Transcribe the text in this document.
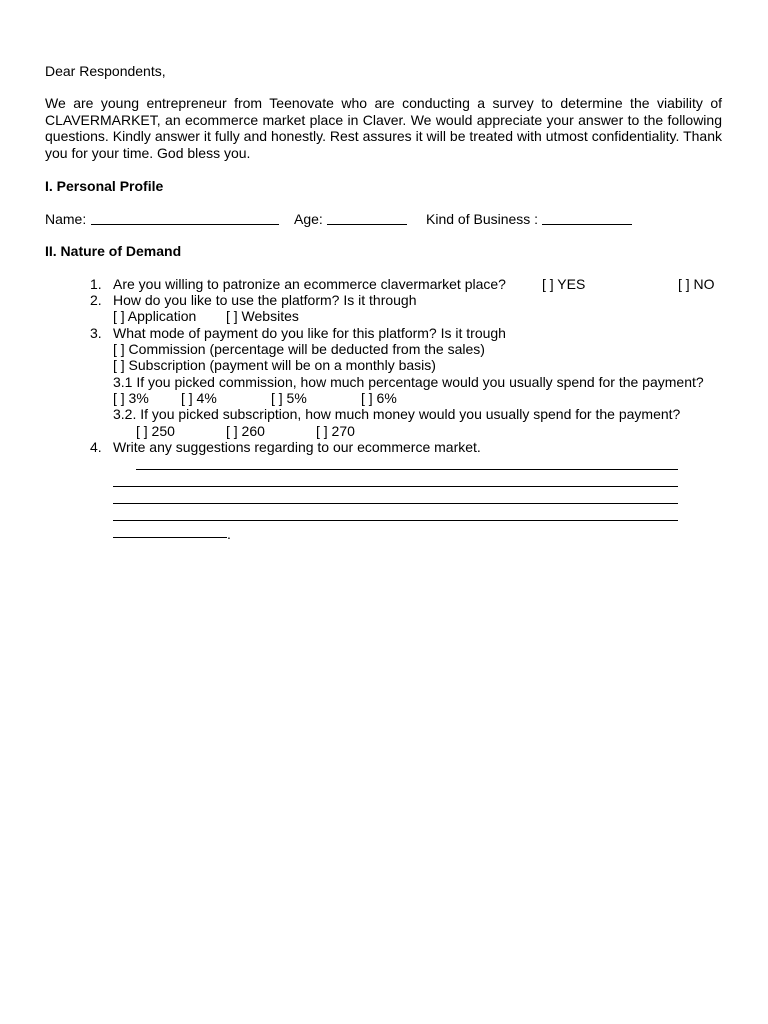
Dear Respondents,
We are young entrepreneur from Teenovate who are conducting a survey to determine the viability of CLAVERMARKET, an ecommerce market place in Claver. We would appreciate your answer to the following questions. Kindly answer it fully and honestly. Rest assures it will be treated with utmost confidentiality. Thank you for your time. God bless you.
I. Personal Profile
Name:	Age:	Kind of Business :
II. Nature of Demand
1. Are you willing to patronize an ecommerce clavermarket place?	[ ] YES	[ ] NO
2. How do you like to use the platform? Is it through
[ ] Application [ ] Websites
3. What mode of payment do you like for this platform? Is it trough
[ ] Commission (percentage will be deducted from the sales)
[ ] Subscription (payment will be on a monthly basis)
3.1 If you picked commission, how much percentage would you usually spend for the payment?
[ ] 3% [ ] 4%	[ ] 5%	[ ] 6%
3.2. If you picked subscription, how much money would you usually spend for the payment?
[ ] 250	[ ] 260	[ ] 270
4. Write any suggestions regarding to our ecommerce market.
.
